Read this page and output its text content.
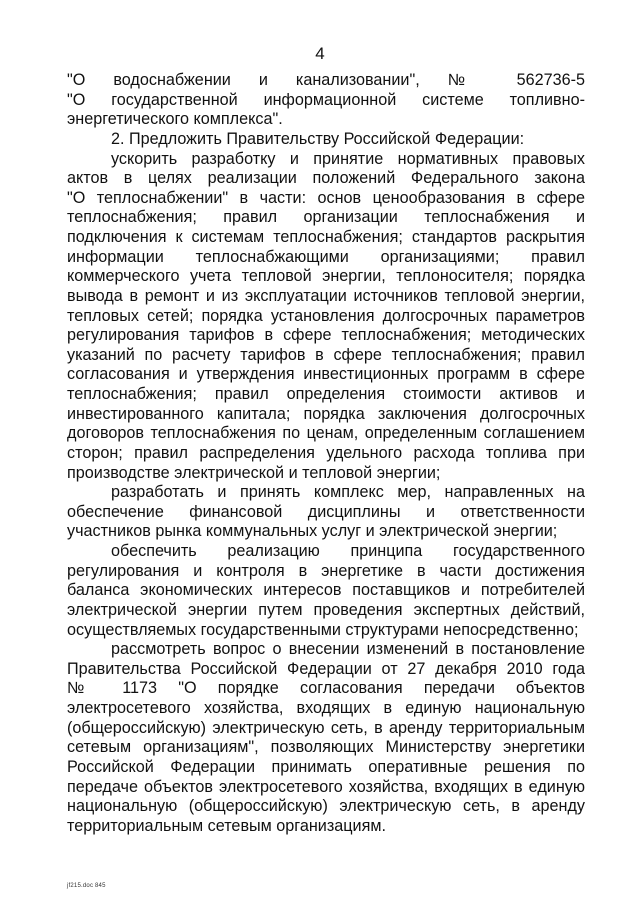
4

"О водоснабжении и канализовании", № 562736-5

"О государственной информационной системе топливно-

энергетического комплекса".

2. Предложить Правительству Российской Федерации:

ускорить разработку и принятие нормативных правовых

актов в целях реализации положений Федерального закона

"О теплоснабжении" в части: основ ценообразования в сфере

теплоснабжения; правил организации теплоснабжения и

подключения к системам теплоснабжения; стандартов раскрытия

информации теплоснабжающими организациями; правил

коммерческого учета тепловой энергии, теплоносителя; порядка

вывода в ремонт и из эксплуатации источников тепловой энергии,

тепловых сетей; порядка установления долгосрочных параметров

регулирования тарифов в сфере теплоснабжения; методических

указаний по расчету тарифов в сфере теплоснабжения; правил

согласования и утверждения инвестиционных программ в сфере

теплоснабжения; правил определения стоимости активов и

инвестированного капитала; порядка заключения долгосрочных

договоров теплоснабжения по ценам, определенным соглашением

сторон; правил распределения удельного расхода топлива при

производстве электрической и тепловой энергии;

разработать и принять комплекс мер, направленных на

обеспечение финансовой дисциплины и ответственности

участников рынка коммунальных услуг и электрической энергии;

обеспечить реализацию принципа государственного

регулирования и контроля в энергетике в части достижения

баланса экономических интересов поставщиков и потребителей

электрической энергии путем проведения экспертных действий,

осуществляемых государственными структурами непосредственно;

рассмотреть вопрос о внесении изменений в постановление

Правительства Российской Федерации от 27 декабря 2010 года

№ 1173 "О порядке согласования передачи объектов

электросетевого хозяйства, входящих в единую национальную

(общероссийскую) электрическую сеть, в аренду территориальным

сетевым организациям", позволяющих Министерству энергетики

Российской Федерации принимать оперативные решения по

передаче объектов электросетевого хозяйства, входящих в единую

национальную (общероссийскую) электрическую сеть, в аренду

территориальным сетевым организациям.

jf215.doc 845
